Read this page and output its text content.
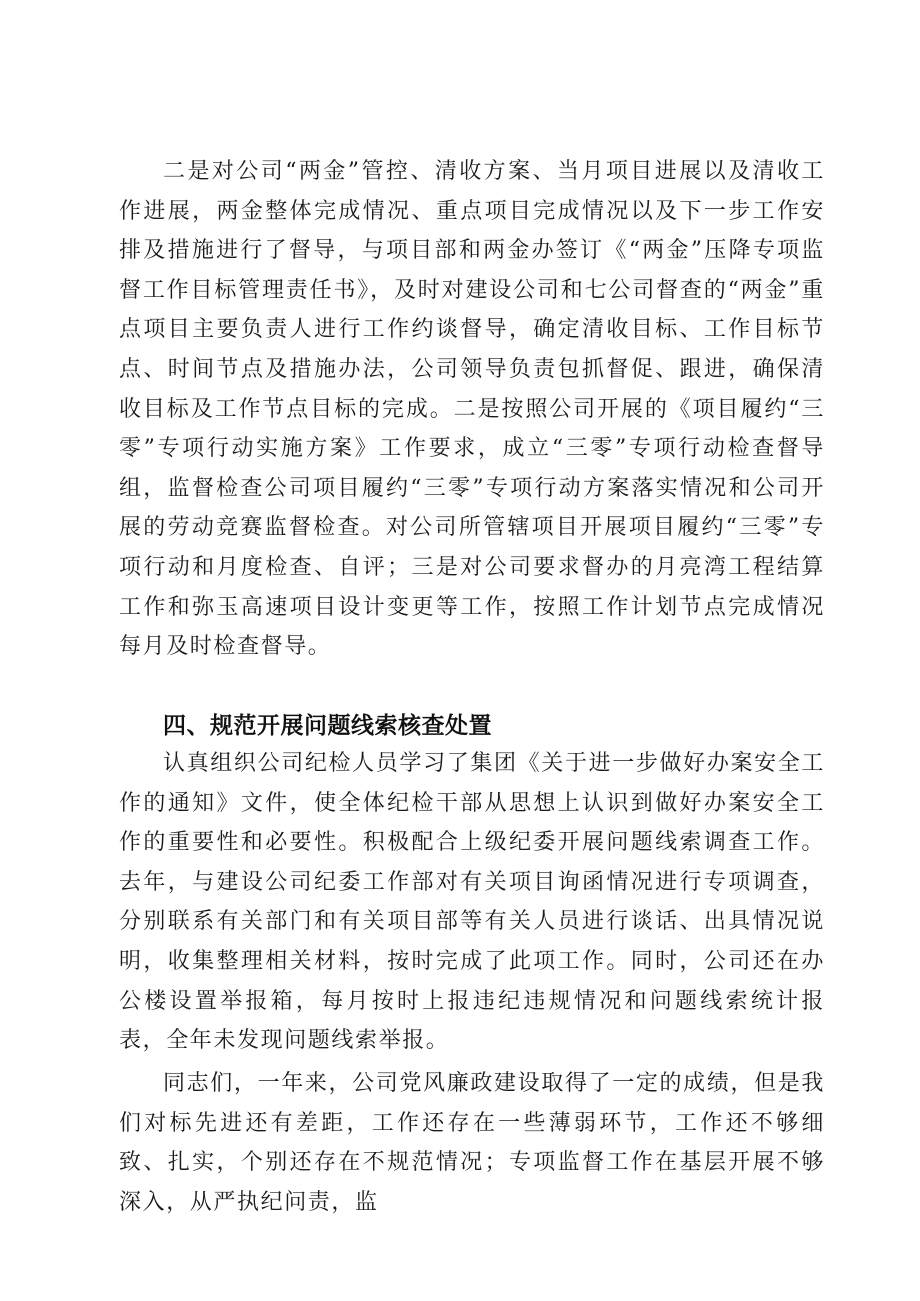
二是对公司“两金”管控、清收方案、当月项目进展以及清收工作进展，两金整体完成情况、重点项目完成情况以及下一步工作安排及措施进行了督导，与项目部和两金办签订《“两金”压降专项监督工作目标管理责任书》，及时对建设公司和七公司督查的“两金”重点项目主要负责人进行工作约谈督导，确定清收目标、工作目标节点、时间节点及措施办法，公司领导负责包抓督促、跟进，确保清收目标及工作节点目标的完成。二是按照公司开展的《项目履约“三零”专项行动实施方案》工作要求，成立“三零”专项行动检查督导组，监督检查公司项目履约“三零”专项行动方案落实情况和公司开展的劳动竞赛监督检查。对公司所管辖项目开展项目履约“三零”专项行动和月度检查、自评；三是对公司要求督办的月亮湾工程结算工作和弥玉高速项目设计变更等工作，按照工作计划节点完成情况每月及时检查督导。

四、规范开展问题线索核查处置

认真组织公司纪检人员学习了集团《关于进一步做好办案安全工作的通知》文件，使全体纪检干部从思想上认识到做好办案安全工作的重要性和必要性。积极配合上级纪委开展问题线索调查工作。去年，与建设公司纪委工作部对有关项目询函情况进行专项调查，分别联系有关部门和有关项目部等有关人员进行谈话、出具情况说明，收集整理相关材料，按时完成了此项工作。同时，公司还在办公楼设置举报箱，每月按时上报违纪违规情况和问题线索统计报表，全年未发现问题线索举报。

同志们，一年来，公司党风廉政建设取得了一定的成绩，但是我们对标先进还有差距，工作还存在一些薄弱环节，工作还不够细致、扎实，个别还存在不规范情况；专项监督工作在基层开展不够深入，从严执纪问责，监
